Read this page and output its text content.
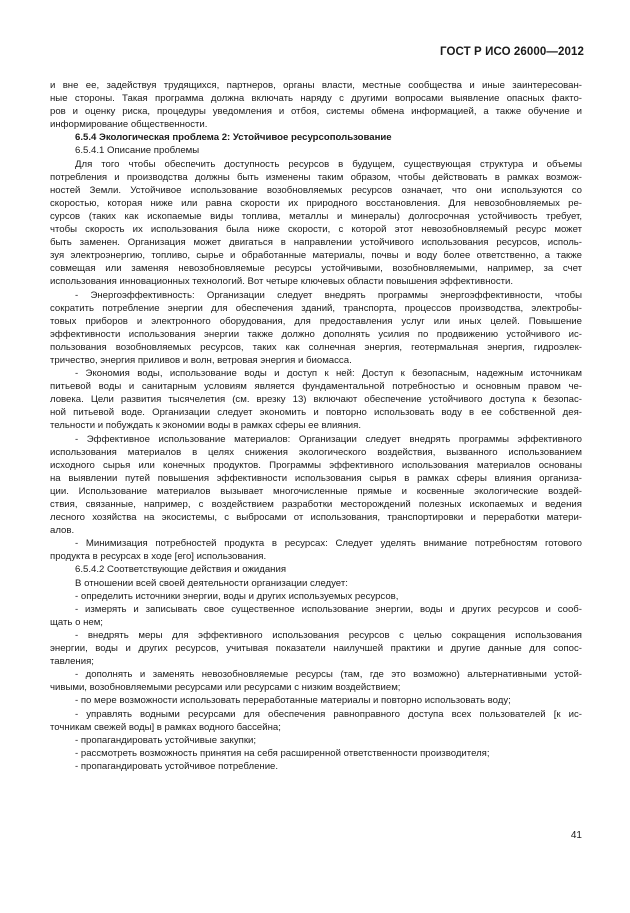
ГОСТ Р ИСО 26000—2012
и вне ее, задействуя трудящихся, партнеров, органы власти, местные сообщества и иные заинтересован-
ные стороны. Такая программа должна включать наряду с другими вопросами выявление опасных факто-
ров и оценку риска, процедуры уведомления и отбоя, системы обмена информацией, а также обучение и
информирование общественности.
6.5.4 Экологическая проблема 2: Устойчивое ресурсопользование
6.5.4.1 Описание проблемы
Для того чтобы обеспечить доступность ресурсов в будущем, существующая структура и объемы
потребления и производства должны быть изменены таким образом, чтобы действовать в рамках возмож-
ностей Земли. Устойчивое использование возобновляемых ресурсов означает, что они используются со
скоростью, которая ниже или равна скорости их природного восстановления. Для невозобновляемых ре-
сурсов (таких как ископаемые виды топлива, металлы и минералы) долгосрочная устойчивость требует,
чтобы скорость их использования была ниже скорости, с которой этот невозобновляемый ресурс может
быть заменен. Организация может двигаться в направлении устойчивого использования ресурсов, исполь-
зуя электроэнергию, топливо, сырье и обработанные материалы, почвы и воду более ответственно, а также
совмещая или заменяя невозобновляемые ресурсы устойчивыми, возобновляемыми, например, за счет
использования инновационных технологий. Вот четыре ключевых области повышения эффективности.
- Энергоэффективность: Организации следует внедрять программы энергоэффективности, чтобы
сократить потребление энергии для обеспечения зданий, транспорта, процессов производства, электробы-
товых приборов и электронного оборудования, для предоставления услуг или иных целей. Повышение
эффективности использования энергии также должно дополнять усилия по продвижению устойчивого ис-
пользования возобновляемых ресурсов, таких как солнечная энергия, геотермальная энергия, гидроэлек-
тричество, энергия приливов и волн, ветровая энергия и биомасса.
- Экономия воды, использование воды и доступ к ней: Доступ к безопасным, надежным источникам
питьевой воды и санитарным условиям является фундаментальной потребностью и основным правом че-
ловека. Цели развития тысячелетия (см. врезку 13) включают обеспечение устойчивого доступа к безопас-
ной питьевой воде. Организации следует экономить и повторно использовать воду в ее собственной дея-
тельности и побуждать к экономии воды в рамках сферы ее влияния.
- Эффективное использование материалов: Организации следует внедрять программы эффективного
использования материалов в целях снижения экологического воздействия, вызванного использованием
исходного сырья или конечных продуктов. Программы эффективного использования материалов основаны
на выявлении путей повышения эффективности использования сырья в рамках сферы влияния организа-
ции. Использование материалов вызывает многочисленные прямые и косвенные экологические воздей-
ствия, связанные, например, с воздействием разработки месторождений полезных ископаемых и ведения
лесного хозяйства на экосистемы, с выбросами от использования, транспортировки и переработки матери-
алов.
- Минимизация потребностей продукта в ресурсах: Следует уделять внимание потребностям готового
продукта в ресурсах в ходе [его] использования.
6.5.4.2 Соответствующие действия и ожидания
В отношении всей своей деятельности организации следует:
- определить источники энергии, воды и других используемых ресурсов,
- измерять и записывать свое существенное использование энергии, воды и других ресурсов и сооб-
щать о нем;
- внедрять меры для эффективного использования ресурсов с целью сокращения использования
энергии, воды и других ресурсов, учитывая показатели наилучшей практики и другие данные для сопос-
тавления;
- дополнять и заменять невозобновляемые ресурсы (там, где это возможно) альтернативными устой-
чивыми, возобновляемыми ресурсами или ресурсами с низким воздействием;
- по мере возможности использовать переработанные материалы и повторно использовать воду;
- управлять водными ресурсами для обеспечения равноправного доступа всех пользователей [к ис-
точникам свежей воды] в рамках водного бассейна;
- пропагандировать устойчивые закупки;
- рассмотреть возможность принятия на себя расширенной ответственности производителя;
- пропагандировать устойчивое потребление.
41
